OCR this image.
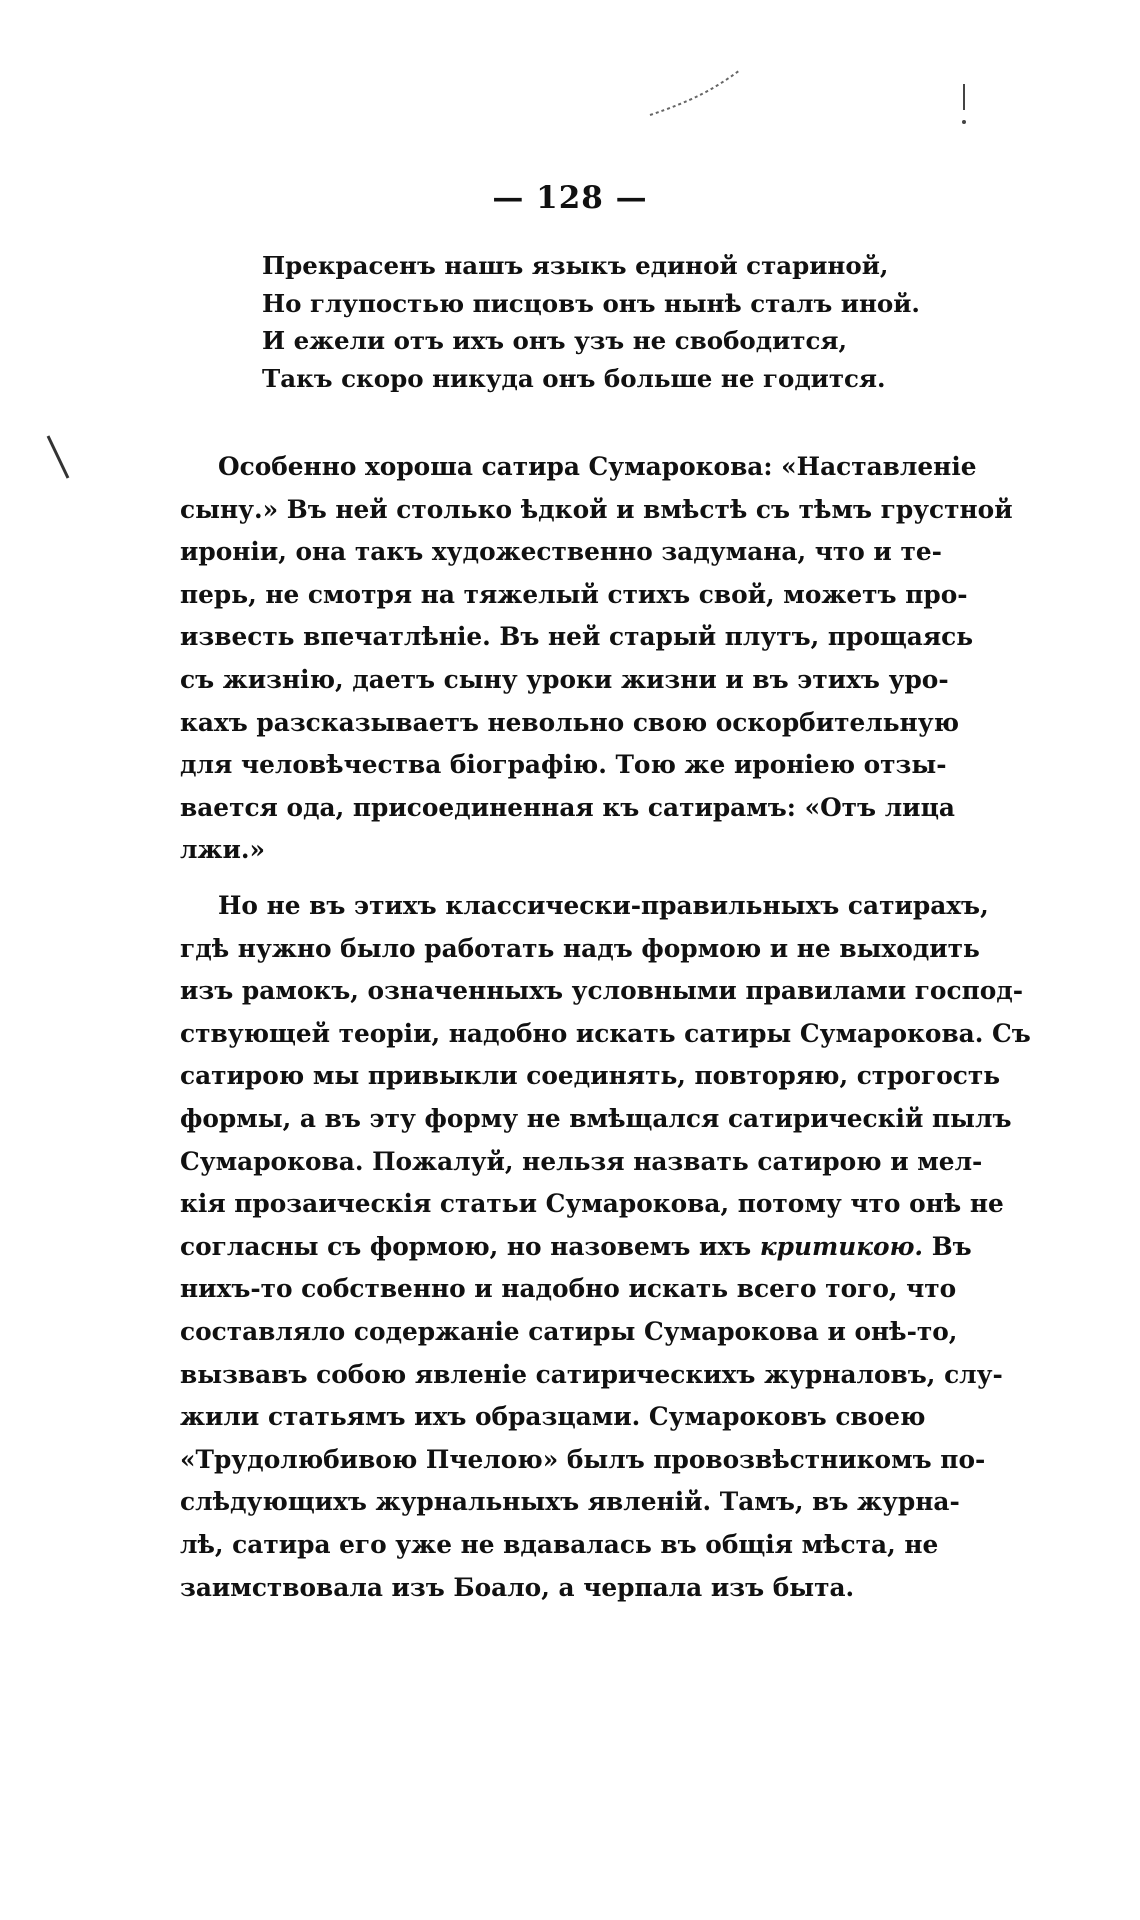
— 128 —
Прекрасенъ нашъ языкъ единой стариной,
Но глупостью писцовъ онъ нынѣ сталъ иной.
И ежели отъ ихъ онъ узъ не свободится,
Такъ скоро никуда онъ больше не годится.
Особенно хороша сатира Сумарокова: «Наставленіе
сыну.» Въ ней столько ѣдкой и вмѣстѣ съ тѣмъ грустной
ироніи, она такъ художественно задумана, что и те-
перь, не смотря на тяжелый стихъ свой, можетъ про-
известь впечатлѣніе. Въ ней старый плутъ, прощаясь
съ жизнію, даетъ сыну уроки жизни и въ этихъ уро-
кахъ разсказываетъ невольно свою оскорбительную
для человѣчества біографію. Тою же ироніею отзы-
вается ода, присоединенная къ сатирамъ: «Отъ лица
лжи.»
Но не въ этихъ классически-правильныхъ сатирахъ,
гдѣ нужно было работать надъ формою и не выходить
изъ рамокъ, означенныхъ условными правилами господ-
ствующей теоріи, надобно искать сатиры Сумарокова. Съ
сатирою мы привыкли соединять, повторяю, строгость
формы, а въ эту форму не вмѣщался сатирическій пылъ
Сумарокова. Пожалуй, нельзя назвать сатирою и мел-
кія прозаическія статьи Сумарокова, потому что онѣ не
согласны съ формою, но назовемъ ихъ критикою. Въ
нихъ-то собственно и надобно искать всего того, что
составляло содержаніе сатиры Сумарокова и онѣ-то,
вызвавъ собою явленіе сатирическихъ журналовъ, слу-
жили статьямъ ихъ образцами. Сумароковъ своею
«Трудолюбивою Пчелою» былъ провозвѣстникомъ по-
слѣдующихъ журнальныхъ явленій. Тамъ, въ журна-
лѣ, сатира его уже не вдавалась въ общія мѣста, не
заимствовала изъ Боало, а черпала изъ быта.
